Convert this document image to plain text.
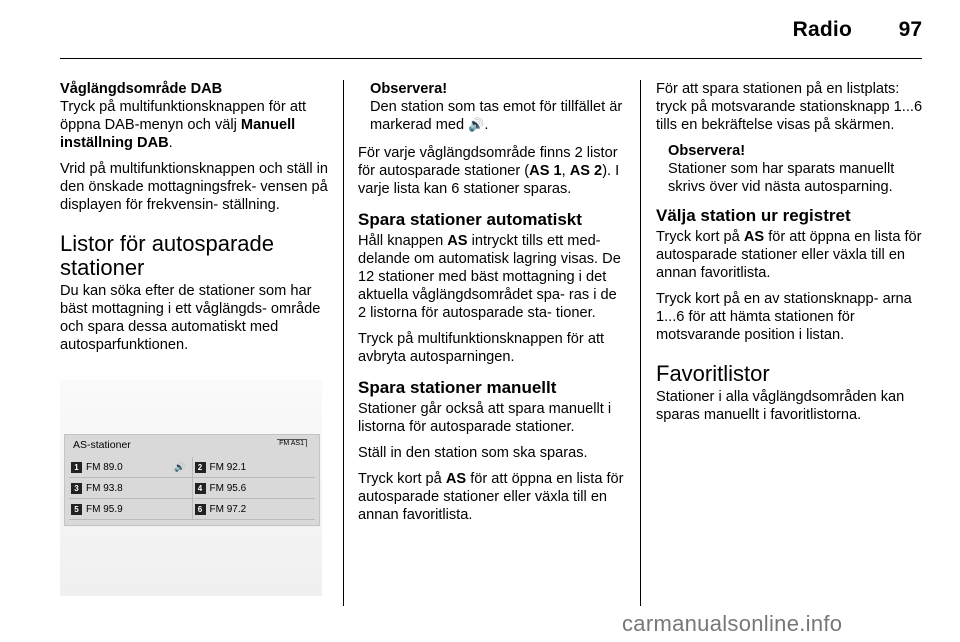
Radio	97

Våglängdsområde DAB

Tryck på multifunktionsknappen för att öppna DAB-menyn och välj Manuell inställning DAB.

Vrid på multifunktionsknappen och ställ in den önskade mottagningsfrek- vensen på displayen för frekvensin- ställning.

Listor för autosparade stationer

Du kan söka efter de stationer som har bäst mottagning i ett våglängds- område och spara dessa automatiskt med autosparfunktionen.

AS-stationer	FM AS1
1 FM 89.0	🔊	2 FM 92.1
3 FM 93.8	4 FM 95.6
5 FM 95.9	6 FM 97.2
Observera!
Den station som tas emot för tillfället är markerad med 🔊.

För varje våglängdsområde finns 2 listor för autosparade stationer (AS 1, AS 2). I varje lista kan 6 stationer sparas.

Spara stationer automatiskt

Håll knappen AS intryckt tills ett med- delande om automatisk lagring visas. De 12 stationer med bäst mottagning i det aktuella våglängdsområdet spa- ras i de 2 listorna för autosparade sta- tioner.

Tryck på multifunktionsknappen för att avbryta autosparningen.

Spara stationer manuellt

Stationer går också att spara manuellt i listorna för autosparade stationer.

Ställ in den station som ska sparas.

Tryck kort på AS för att öppna en lista för autosparade stationer eller växla till en annan favoritlista.

För att spara stationen på en listplats: tryck på motsvarande stationsknapp 1...6 tills en bekräftelse visas på skärmen.

Observera!
Stationer som har sparats manuellt skrivs över vid nästa autosparning.
Välja station ur registret

Tryck kort på AS för att öppna en lista för autosparade stationer eller växla till en annan favoritlista.

Tryck kort på en av stationsknapp- arna 1...6 för att hämta stationen för motsvarande position i listan.

Favoritlistor

Stationer i alla våglängdsområden kan sparas manuellt i favoritlistorna.

carmanualsonline.info
